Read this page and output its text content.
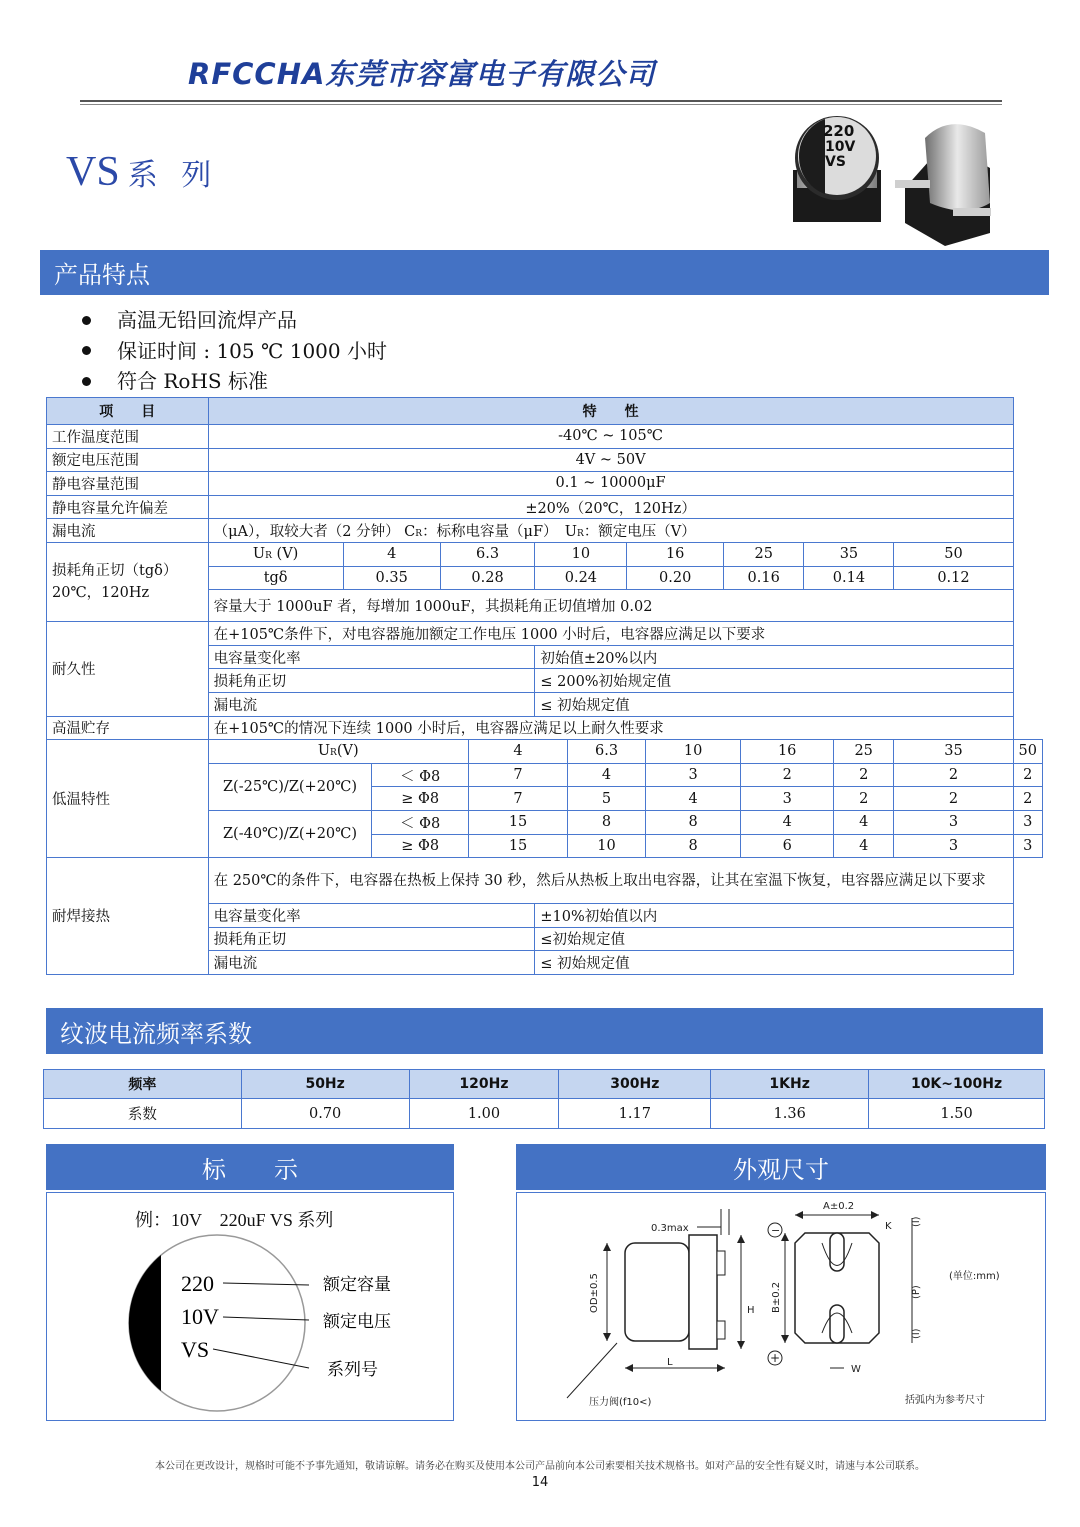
RFCCHA东莞市容富电子有限公司
VS 系 列
220
10V
VS
产品特点
高温无铅回流焊产品
保证时间 : 105 ℃ 1000 小时
符合 RoHS 标准
项　　目	特　　性														
工作温度范围	-40℃ ~ 105℃														
额定电压范围	4V ~ 50V														
静电容量范围	0.1 ~ 10000μF														
静电容量允许偏差	±20%（20℃，120Hz）														
漏电流	（μA），取较大者（2 分钟） CR：标称电容量（μF）　UR：额定电压（V）														
损耗角正切（tgδ）
20℃，120Hz	UR (V)	4		6.3		10		16		25		35		50	
	tgδ	0.35		0.28		0.24		0.20		0.16		0.14		0.12	
	容量大于 1000uF 者，每增加 1000uF，其损耗角正切值增加 0.02														
耐久性	在+105℃条件下，对电容器施加额定工作电压 1000 小时后，电容器应满足以下要求														
	电容量变化率					初始值±20%以内									
	损耗角正切					≤ 200%初始规定值									
	漏电流					≤ 初始规定值									
高温贮存	在+105℃的情况下连续 1000 小时后，电容器应满足以上耐久性要求														
低温特性	UR(V)				4		6.3		10		16		25	35	50
	Z(-25℃)/Z(+20℃)		＜ Φ8		7		4		3		2		2	2	2
			≥ Φ8		7		5		4		3		2	2	2
	Z(-40℃)/Z(+20℃)		＜ Φ8		15		8		8		4		4	3	3
			≥ Φ8		15		10		8		6		4	3	3
耐焊接热	在 250℃的条件下，电容器在热板上保持 30 秒，然后从热板上取出电容器，让其在室温下恢复，电容器应满足以下要求														
	电容量变化率					±10%初始值以内									
	损耗角正切					≤初始规定值									
	漏电流					≤ 初始规定值									
纹波电流频率系数
频率	50Hz	120Hz	300Hz	1KHz	10K~100Hz
系数	0.70	1.00	1.17	1.36	1.50
标　　示
例：10V　220uF VS 系列
220
10V
VS
额定容量
额定电压
系列号
外观尺寸
OD±0.5	H
L
0.3max
压力阀(f10<)
A±0.2
K
B±0.2
(l)
(P)
(l)
W
−
+
(单位:mm)
括弧内为参考尺寸
本公司在更改设计，规格时可能不予事先通知，敬请谅解。请务必在购买及使用本公司产品前向本公司索要相关技术规格书。如对产品的安全性有疑义时，请速与本公司联系。
14
